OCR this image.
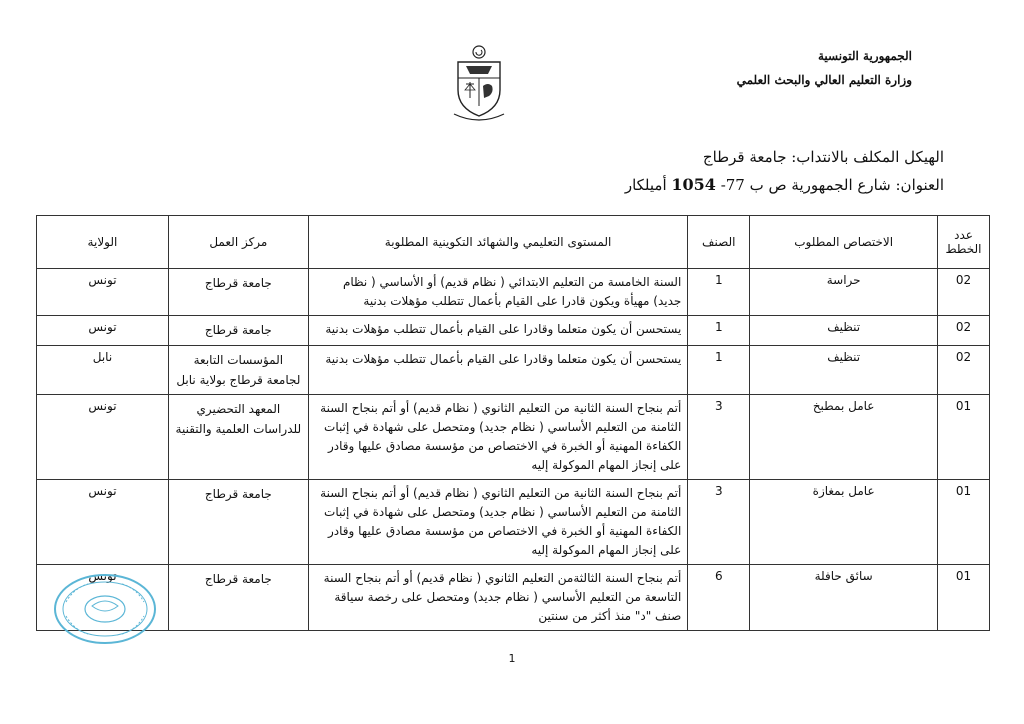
الجمهورية التونسية
وزارة التعليم العالي والبحث العلمي
الهيكل المكلف بالانتداب: جامعة قرطاج
العنوان: شارع الجمهورية ص ب 77- 1054 أميلكار
عدد الخطط	الاختصاص المطلوب	الصنف	المستوى التعليمي والشهائد التكوينية المطلوبة	مركز العمل	الولاية
02	حراسة	1	السنة الخامسة من التعليم الابتدائي ( نظام قديم) أو الأساسي ( نظام جديد) مهيأة ويكون قادرا على القيام بأعمال تتطلب مؤهلات بدنية	جامعة قرطاج	تونس
02	تنظيف	1	يستحسن أن يكون متعلما وقادرا على القيام بأعمال تتطلب مؤهلات بدنية	جامعة قرطاج	تونس
02	تنظيف	1	يستحسن أن يكون متعلما وقادرا على القيام بأعمال تتطلب مؤهلات بدنية	المؤسسات التابعة لجامعة قرطاج بولاية نابل	نابل
01	عامل بمطبخ	3	أتم بنجاح السنة الثانية من التعليم الثانوي ( نظام قديم) أو أتم بنجاح السنة الثامنة من التعليم الأساسي ( نظام جديد) ومتحصل على شهادة في إثبات الكفاءة المهنية أو الخبرة في الاختصاص من مؤسسة مصادق عليها وقادر على إنجاز المهام الموكولة إليه	المعهد التحضيري للدراسات العلمية والتقنية	تونس
01	عامل بمغازة	3	أتم بنجاح السنة الثانية من التعليم الثانوي ( نظام قديم) أو أتم بنجاح السنة الثامنة من التعليم الأساسي ( نظام جديد) ومتحصل على شهادة في إثبات الكفاءة المهنية أو الخبرة في الاختصاص من مؤسسة مصادق عليها وقادر على إنجاز المهام الموكولة إليه	جامعة قرطاج	تونس
01	سائق حافلة	6	أتم بنجاح السنة الثالثةمن التعليم الثانوي ( نظام قديم) أو أتم بنجاح السنة التاسعة من التعليم الأساسي ( نظام جديد) ومتحصل على رخصة سياقة صنف "د" منذ أكثر من سنتين	جامعة قرطاج	تونس
1
